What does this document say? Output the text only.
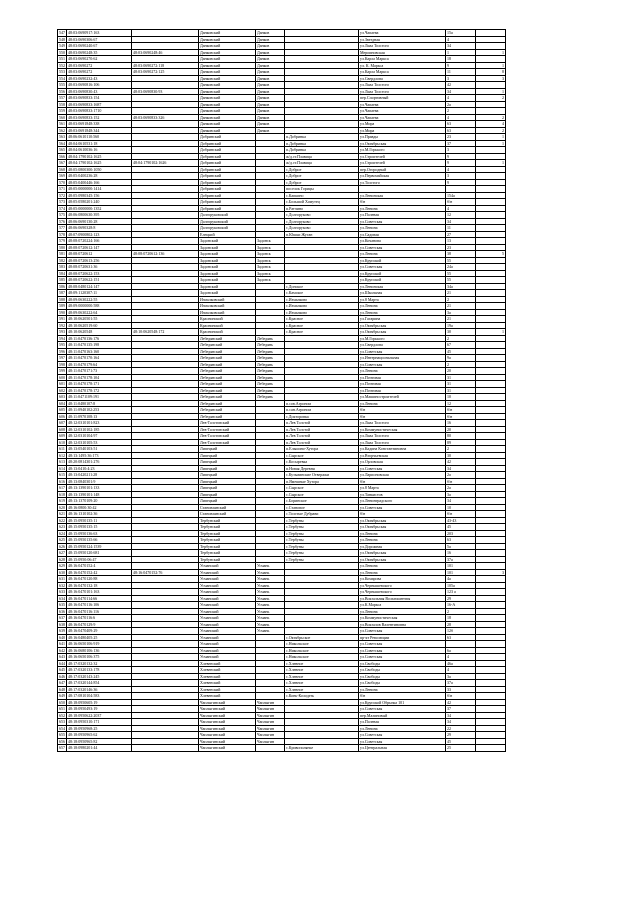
547	48:03:0690917:163		Данковский	Данков		ул.Чапаева	15а	
548	48:03:0690306:67		Данковский	Данков		ул.Звездная	4	
549	48:03:0690240:67		Данковский	Данков		ул.Льва Толстого	34	
550	48:03:0690248:35	48:03:0690248:46	Данковский	Данков		Мероиновская	1	1
551	48:03:0690270:62		Данковский	Данков		ул.Карла Маркса	18	
552	48:03:0690272	48:03:0690272:118	Данковский	Данков		ул. К. Маркса	9	1
553	48:03:0690272	48:03:0690272:125	Данковский	Данков		ул.Карла Маркса	11	8
554	48:03:0690232:43		Данковский	Данков		ул.Свердлова	3	3
555	48:03:0690816:106		Данковский	Данков		ул.Льва Толстого	42	
556	48:03:0690830:43	48:03:0690830:93	Данковский	Данков		ул.Льва Толстого	34	1
557	48:03:0690833:154		Данковский	Данков		пер.Спортивный	4	2
558	48:03:0690833:1687		Данковский	Данков		ул.Чапаева	2а	
559	48:03:0690833:1710		Данковский	Данков		ул.Чапаева	2	
560	48:03:0690833:152	48:03:0690833:326	Данковский	Данков		ул.Чапаева	4	2
561	48:03:0691848:338		Данковский	Данков		ул.Мира	63	4
562	48:03:0691848:344		Данковский	Данков		ул.Мира	63	2
563	48:06:0610110:560		Добринский		п.Добринка	ул.Правды	23	1
564	48:04:0610531:18		Добринский		п.Добринка	ул.Октябрьская	37	1
565	48:04:0610036:16		Добринский		п.Добринка	ул.М.Горького	3	
566	48:04:1790102:1625		Добринский		ж/д.ст.Плавица	ул.Строителей	9	
567	48:04:1790102:1625	48:04:1790102:1626	Добринский		ж/д.ст.Плавица	ул.Строителей	9	1
568	48:05:0800300:1050		Добринский		с.Доброе	пер.Огородный	4	
569	48:05:0400236:28		Добринский		с.Доброе	ул.Первомайская	3	
570	48:05:0400446:166		Добринский		с.Доброе	ул.Толстого	9	
571	48:05:0000000:1414		Добринский		поселок Горицы			
572	48:05:0980345:156		Добринский		с.Капкино	ул.Ленинская	154а	
573	48:05:0580201:240		Добринский		с.Большой Хомутец	б/н	б/н	
574	48:05:0000000:1352		Добринский		п.Ратчино	ул.Ленина	4	
575	48:06:0800630:395		Долгоруковский		с.Долгоруково	ул.Полевая	12	
576	48:06:0690130:28		Долгоруковский		с.Долгоруково	ул.Советская	34	
577	48:06:0690328:8		Долгоруковский		с.Долгоруково	ул.Ленина	11	
578	48:07:0900802:123		Елецкий		п.Юшки Жуган	ул.Садовая	27	
579	48:08:0720224:166		Задонский	Задонск		ул.Кочанова	13	
580	48:08:0720612:147		Задонский	Задонск		ул.Советская	23	
581	48:08:0720612	48:08:0720612:136	Задонский	Задонск		ул.Ленина	38	5
582	48:08:0720613:256		Задонский	Задонск		ул.Крупской	55	
583	48:08:0720631:36		Задонский	Задонск		ул.Советская	24а	
584	48:08:0720622:153		Задонский	Задонск		ул.Крупской	55	
585	48:08:0720622:151		Задонский	Задонск		ул.Крупской	55	
586	48:08:0480124:147		Задонский		с.Донское	ул.Ленинская	34а	
587	48:09:1120307:11		Задонский		с.Камское	ул.Школьная	21	
588	48:09:0630222:55		Измалковский		с.Измалково	ул.8 Марта	2	
589	48:09:0000000:588		Измалковский		с.Измалково	ул.Ленина	21	
590	48:09:0630222:64		Измалковский		с.Измалково	ул.Ленина	3а	
591	48:10:0620501:55		Краснинский		с.Красное	ул.Гагарина	21	
592	48:10:0620519:60		Краснинский		с.Красное	ул.Октябрьская	19а	
593	48:10:0620548	48:10:0620548:172	Краснинский		с.Красное	ул.Октябрьская	30	1
594	48:11:0470136:176		Лебедянский	Лебедянь		ул.М.Горького	2	
595	48:11:0470135:198		Лебедянский	Лебедянь		ул.Свердлова	67	
596	48:11:0470163:160		Лебедянский	Лебедянь		ул.Советская	45	
597	48:11:0470170:164		Лебедянский	Лебедянь		ул.Интернациональная	9а	
598	48:11:0470179:64		Лебедянский	Лебедянь		ул.Советская	2	
599	48:11:0470171:73		Лебедянский	Лебедянь		ул.Ленина	20	
600	48:11:0470178:104		Лебедянский	Лебедянь		ул.Почтовая	31	
601	48:11:0470178:171		Лебедянский	Лебедянь		ул.Почтовая	31	
602	48:11:0470178:172		Лебедянский	Лебедянь		ул.Почтовая	31	
603	48:11:0471109:191		Лебедянский	Лебедянь		ул.Машиностроителей	10	
604	48:11:0480107:8		Лебедянский		п.сов.Агроном	ул.Ленина	12	
605	48:11:0940102:253		Лебедянский		п.сан.Агроном	б/н	б/н	
606	48:11:0970108:13		Лебедянский		с.Докторовка	б/н	б/н	
607	48:12:0310101:823		Лев-Толстовский		п.Лев Толстой	ул.Льва Толстого	16	
608	48:12:0310102:185		Лев-Толстовский		п.Лев Толстой	ул.Коммунистическая	20	
609	48:12:0310104:97		Лев-Толстовский		п.Лев Толстой	ул.Льва Толстого	80	
610	48:12:0310105:53		Лев-Толстовский		п.Лев Толстой	ул.Льва Толстого	89	
611	48:13:0540103:51		Липецкий		п.Ельшино-Хутора	ул.Кадина Константиновна	2	
612	48:13:1495:36:173		Липецкий		с.Сырское	ул.Вторчьевская	30	
613	48:20:0814301:276		Липецкий		с.Косыревка	ул.Орловская	42	
614	48:13:0410:4:23		Липецкий		п.Новая Деревня	ул.Советская	34	
615	48:13:0420211:28		Липецкий		с.Кузьминские Отвержки	ул.Ларионовская	2а	
616	48:13:0840301:9		Липецкий		п.Ямешные Хутора	б/н	б/н	
617	48:13:1390101:133		Липецкий		с.Сырское	ул.8 Марта	2а	
618	48:13:1390101:148		Липецкий		с.Сырское	ул.Танкистов	3а	
619	48:13:1370109:20		Липецкий		с.Боринское	ул.Ленинградского	34	
620	48:16:0800:30:42		Становлянский		с.Становое	ул.Советская	10	
621	48:16:1310102:36		Становлянский		с.Толстые Дубрави	б/н	б/н	
622	48:15:0950135:11		Тербунский		с.Тербуны	ул.Октябрьская	43-43	
623	48:15:0950135:15		Тербунский		с.Тербуны	ул.Октябрьская	45	
624	48:15:0950136:63		Тербунский		с.Тербуны	ул.Ленина	203	
625	48:15:0950135:66		Тербунский		с.Тербуны	ул.Ленина	63	
626	48:15:0950124:1539		Тербунский		с.Тербуны	ул.Дорожная	5а	
627	48:15:0950120:681		Тербунский		с.Тербуны	ул.Октябрьская	16	
628	48:15:0950:06:47		Тербунский		с.Тербуны	ул.Октябрьская	37а	
629	48:16:0470152:4		Усманский	Усмань		ул.Ленина	101	
630	48:16:0470152:42	48:16:0470152:76	Усманский	Усмань		ул.Ленина	101	3
631	48:16:0470120:88		Усманский	Усмань		ул.Комарова	4а	
632	48:16:0470132:18		Усманский	Усмань		ул.Чернышевского	105а	
633	48:16:0470101:163		Усманский	Усмань		ул.Чернышевского	123 а	
634	48:16:0470114:66		Усманский	Усмань		ул.Вокзальная Вольтишентия	29	
635	48:16:0470116:106		Усманский	Усмань		ул.К.Маркса	16-А	
636	48:16:0470116:116		Усманский	Усмань		ул.Ленина	2	
637	48:16:0470116:6		Усманский	Усмань		ул.Коммунистическая	18	
638	48:16:0470129:9		Усманский	Усмань		ул.Вокзалов Валентиновна	28	
639	48:16:0470409:29		Усманский	Усмань		ул.Советская	12б	
640	48:16:0480405:25		Усманский		с.Октябрьское	пр-кт Революции	63	
641	48:16:0650106:919		Усманский		с.Никольское	ул.Советская		
642	48:16:0680106:136		Усманский		с.Никольское	ул.Советская	6а	
643	48:16:0650106:375		Усманский		с.Никольское	ул.Советская	4	
644	48:17:0320132:32		Хлевенский		с.Хлевное	ул.Свободы	46а	
645	48:17:0320133:178		Хлевенский		с.Хлевное	ул.Свободы	4	
646	48:17:0320143:245		Хлевенский		с.Хлевное	ул.Свободы	3а	
647	48:17:0320144:854		Хлевенский		с.Хлевное	ул.Свободы	37а	
648	48:17:0320146:36		Хлевенский		с.Хлевное	ул.Ленина	33	
649	48:17:0810104:583		Хлевенский		с.Конь-Колодезь	б/н	б/н	
650	48:18:0950605:19		Чаплыгинский	Чаплыгин		ул.Крупской Обрызка 101	42	
651	48:18:0950493:19		Чаплыгинский	Чаплыгин		ул.Советская	37	
652	48:18:0950622:2037		Чаплыгинский	Чаплыгин		пер.Малиновый	34	
653	48:18:0950310:171		Чаплыгинский	Чаплыгин		ул.Полевая	34	
654	48:18:0950968:25		Чаплыгинский	Чаплыгин		ул.Ленина	22	
655	48:18:0950965:62		Чаплыгинский	Чаплыгин		ул.Советская	29	
656	48:18:0950965:82		Чаплыгинский	Чаплыгин		ул.Советская	45	
657	48:18:0980201:44		Чаплыгинский		с.Кривополянье	ул.Центральная	25	
